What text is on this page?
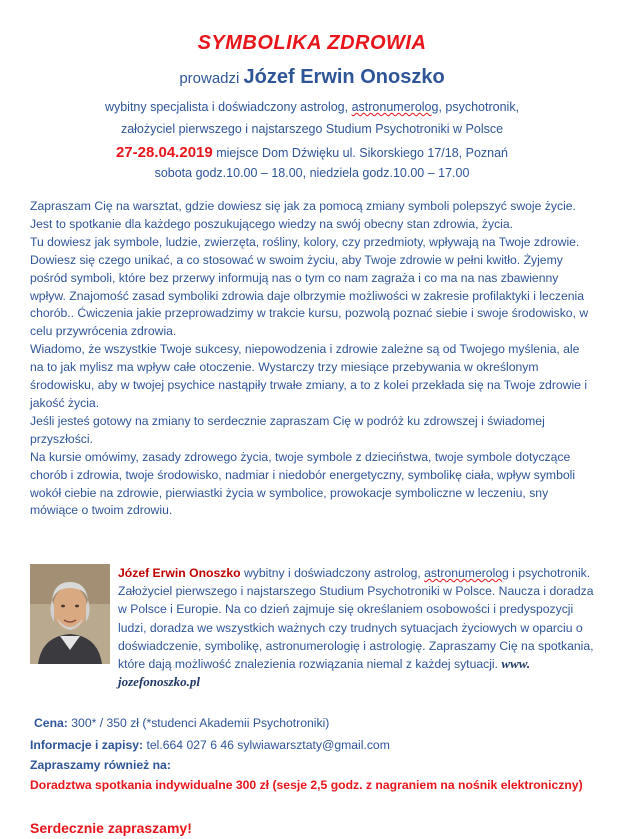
SYMBOLIKA ZDROWIA
prowadzi Józef Erwin Onoszko
wybitny specjalista i doświadczony astrolog, astronumerolog, psychotronik,
założyciel pierwszego i najstarszego Studium Psychotroniki w Polsce
27-28.04.2019 miejsce Dom Dźwięku ul. Sikorskiego 17/18, Poznań
sobota godz.10.00 – 18.00, niedziela godz.10.00 – 17.00

Zapraszam Cię na warsztat, gdzie dowiesz się jak za pomocą zmiany symboli polepszyć swoje życie. Jest to spotkanie dla każdego poszukującego wiedzy na swój obecny stan zdrowia, życia.

Tu dowiesz jak symbole, ludzie, zwierzęta, rośliny, kolory, czy przedmioty, wpływają na Twoje zdrowie. Dowiesz się czego unikać, a co stosować w swoim życiu, aby Twoje zdrowie w pełni kwitło. Żyjemy pośród symboli, które bez przerwy informują nas o tym co nam zagraża i co ma na nas zbawienny wpływ. Znajomość zasad symboliki zdrowia daje olbrzymie możliwości w zakresie profilaktyki i leczenia chorób.. Ćwiczenia jakie przeprowadzimy w trakcie kursu, pozwolą poznać siebie i swoje środowisko, w celu przywrócenia zdrowia.

Wiadomo, że wszystkie Twoje sukcesy, niepowodzenia i zdrowie zależne są od Twojego myślenia, ale na to jak mylisz ma wpływ całe otoczenie. Wystarczy trzy miesiące przebywania w określonym środowisku, aby w twojej psychice nastąpiły trwałe zmiany, a to z kolei przekłada się na Twoje zdrowie i jakość życia.

Jeśli jesteś gotowy na zmiany to serdecznie zapraszam Cię w podróż ku zdrowszej i świadomej przyszłości.

Na kursie omówimy, zasady zdrowego życia, twoje symbole z dzieciństwa, twoje symbole dotyczące chorób i zdrowia, twoje środowisko, nadmiar i niedobór energetyczny, symbolikę ciała, wpływ symboli wokół ciebie na zdrowie, pierwiastki życia w symbolice, prowokacje symboliczne w leczeniu, sny mówiące o twoim zdrowiu.

Józef Erwin Onoszko wybitny i doświadczony astrolog, astronumerolog i psychotronik. Założyciel pierwszego i najstarszego Studium Psychotroniki w Polsce. Naucza i doradza w Polsce i Europie. Na co dzień zajmuje się określaniem osobowości i predyspozycji ludzi, doradza we wszystkich ważnych czy trudnych sytuacjach życiowych w oparciu o doświadczenie, symbolikę, astronumerologię i astrologię. Zapraszamy Cię na spotkania, które dają możliwość znalezienia rozwiązania niemal z każdej sytuacji. www. jozefonoszko.pl
Cena: 300* / 350 zł (*studenci Akademii Psychotroniki)
Informacje i zapisy: tel.664 027 6 46 sylwiawarsztaty@gmail.com
Zapraszamy również na:
Doradztwa spotkania indywidualne 300 zł (sesje 2,5 godz. z nagraniem na nośnik elektroniczny)
Serdecznie zapraszamy!
